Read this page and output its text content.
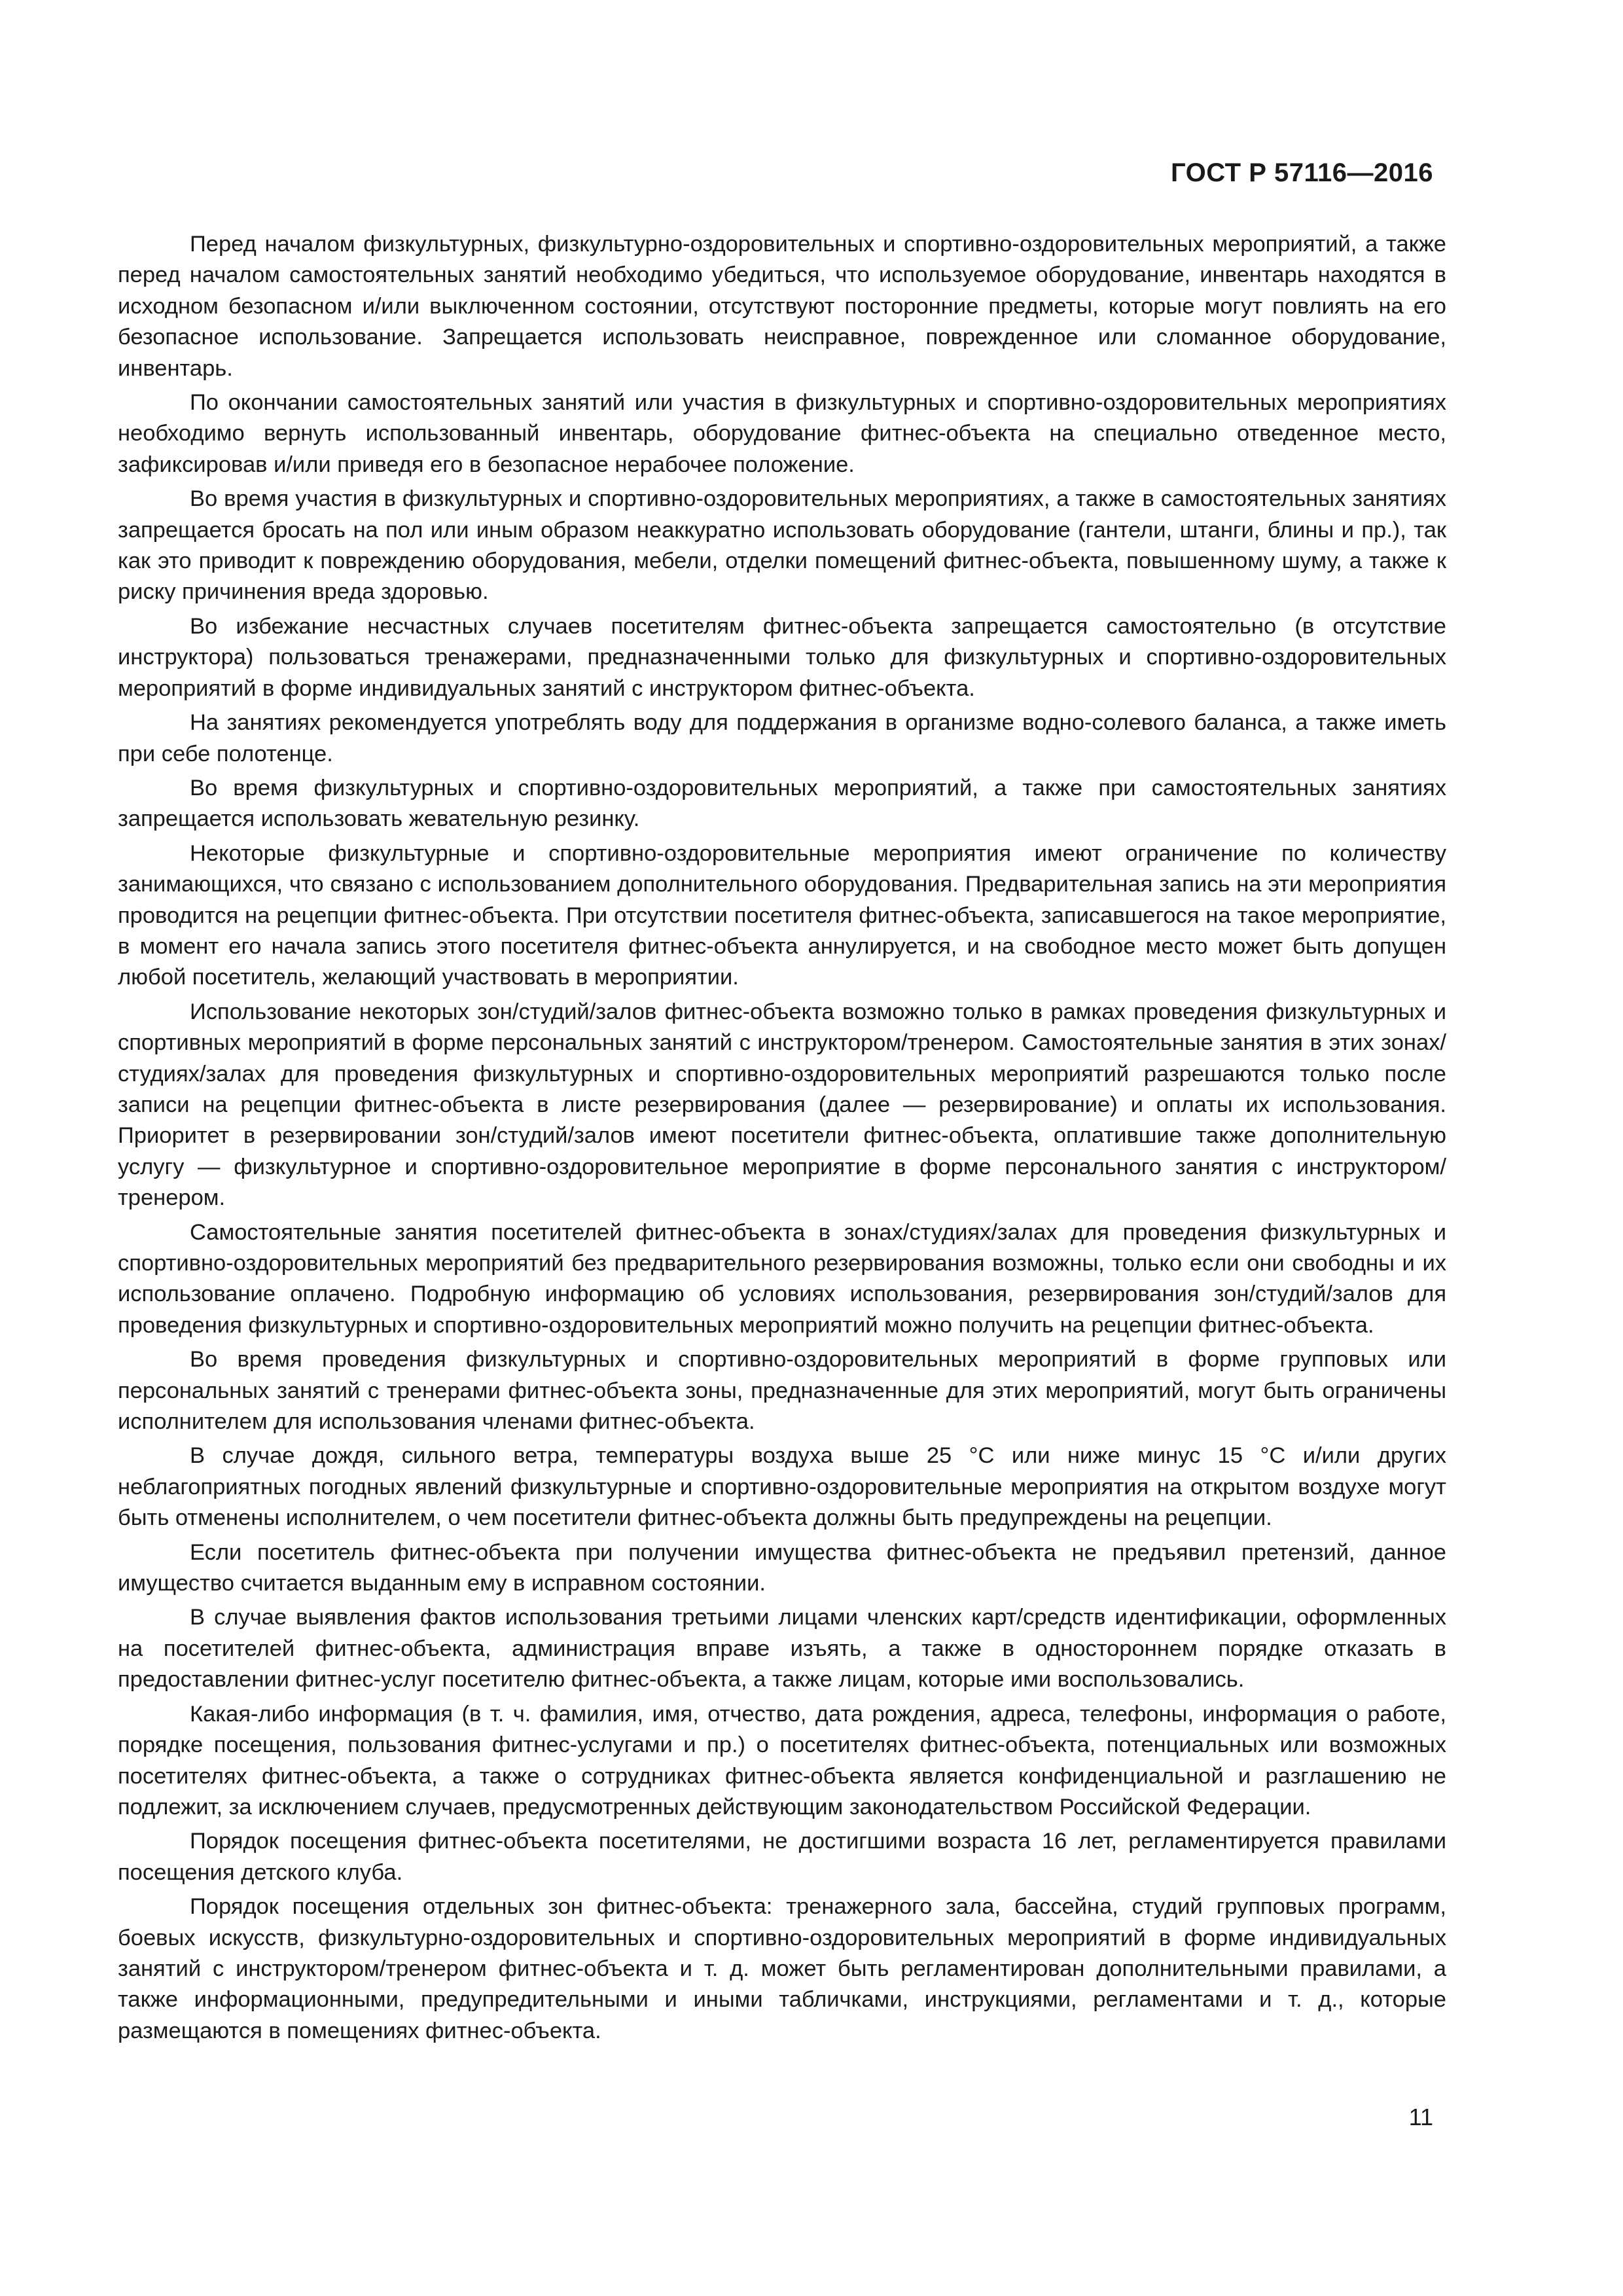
ГОСТ Р 57116—2016

Перед началом физкультурных, физкультурно-оздоровительных и спортивно-оздоровительных мероприятий, а также перед началом самостоятельных занятий необходимо убедиться, что используемое оборудование, инвентарь находятся в исходном безопасном и/или выключенном состоянии, отсутствуют посторонние предметы, которые могут повлиять на его безопасное использование. Запрещается использовать неисправное, поврежденное или сломанное оборудование, инвентарь.

По окончании самостоятельных занятий или участия в физкультурных и спортивно-оздоровительных мероприятиях необходимо вернуть использованный инвентарь, оборудование фитнес-объекта на специально отведенное место, зафиксировав и/или приведя его в безопасное нерабочее положение.

Во время участия в физкультурных и спортивно-оздоровительных мероприятиях, а также в самостоятельных занятиях запрещается бросать на пол или иным образом неаккуратно использовать оборудование (гантели, штанги, блины и пр.), так как это приводит к повреждению оборудования, мебели, отделки помещений фитнес-объекта, повышенному шуму, а также к риску причинения вреда здоровью.

Во избежание несчастных случаев посетителям фитнес-объекта запрещается самостоятельно (в отсутствие инструктора) пользоваться тренажерами, предназначенными только для физкультурных и спортивно-оздоровительных мероприятий в форме индивидуальных занятий с инструктором фитнес-объекта.

На занятиях рекомендуется употреблять воду для поддержания в организме водно-солевого баланса, а также иметь при себе полотенце.

Во время физкультурных и спортивно-оздоровительных мероприятий, а также при самостоятельных занятиях запрещается использовать жевательную резинку.

Некоторые физкультурные и спортивно-оздоровительные мероприятия имеют ограничение по количеству занимающихся, что связано с использованием дополнительного оборудования. Предварительная запись на эти мероприятия проводится на рецепции фитнес-объекта. При отсутствии посетителя фитнес-объекта, записавшегося на такое мероприятие, в момент его начала запись этого посетителя фитнес-объекта аннулируется, и на свободное место может быть допущен любой посетитель, желающий участвовать в мероприятии.

Использование некоторых зон/студий/залов фитнес-объекта возможно только в рамках проведения физкультурных и спортивных мероприятий в форме персональных занятий с инструктором/тренером. Самостоятельные занятия в этих зонах/студиях/залах для проведения физкультурных и спортивно-оздоровительных мероприятий разрешаются только после записи на рецепции фитнес-объекта в листе резервирования (далее — резервирование) и оплаты их использования. Приоритет в резервировании зон/студий/залов имеют посетители фитнес-объекта, оплатившие также дополнительную услугу — физкультурное и спортивно-оздоровительное мероприятие в форме персонального занятия с инструктором/тренером.

Самостоятельные занятия посетителей фитнес-объекта в зонах/студиях/залах для проведения физкультурных и спортивно-оздоровительных мероприятий без предварительного резервирования возможны, только если они свободны и их использование оплачено. Подробную информацию об условиях использования, резервирования зон/студий/залов для проведения физкультурных и спортивно-оздоровительных мероприятий можно получить на рецепции фитнес-объекта.

Во время проведения физкультурных и спортивно-оздоровительных мероприятий в форме групповых или персональных занятий с тренерами фитнес-объекта зоны, предназначенные для этих мероприятий, могут быть ограничены исполнителем для использования членами фитнес-объекта.

В случае дождя, сильного ветра, температуры воздуха выше 25 °С или ниже минус 15 °С и/или других неблагоприятных погодных явлений физкультурные и спортивно-оздоровительные мероприятия на открытом воздухе могут быть отменены исполнителем, о чем посетители фитнес-объекта должны быть предупреждены на рецепции.

Если посетитель фитнес-объекта при получении имущества фитнес-объекта не предъявил претензий, данное имущество считается выданным ему в исправном состоянии.

В случае выявления фактов использования третьими лицами членских карт/средств идентификации, оформленных на посетителей фитнес-объекта, администрация вправе изъять, а также в одностороннем порядке отказать в предоставлении фитнес-услуг посетителю фитнес-объекта, а также лицам, которые ими воспользовались.

Какая-либо информация (в т. ч. фамилия, имя, отчество, дата рождения, адреса, телефоны, информация о работе, порядке посещения, пользования фитнес-услугами и пр.) о посетителях фитнес-объекта, потенциальных или возможных посетителях фитнес-объекта, а также о сотрудниках фитнес-объекта является конфиденциальной и разглашению не подлежит, за исключением случаев, предусмотренных действующим законодательством Российской Федерации.

Порядок посещения фитнес-объекта посетителями, не достигшими возраста 16 лет, регламентируется правилами посещения детского клуба.

Порядок посещения отдельных зон фитнес-объекта: тренажерного зала, бассейна, студий групповых программ, боевых искусств, физкультурно-оздоровительных и спортивно-оздоровительных мероприятий в форме индивидуальных занятий с инструктором/тренером фитнес-объекта и т. д. может быть регламентирован дополнительными правилами, а также информационными, предупредительными и иными табличками, инструкциями, регламентами и т. д., которые размещаются в помещениях фитнес-объекта.

11
